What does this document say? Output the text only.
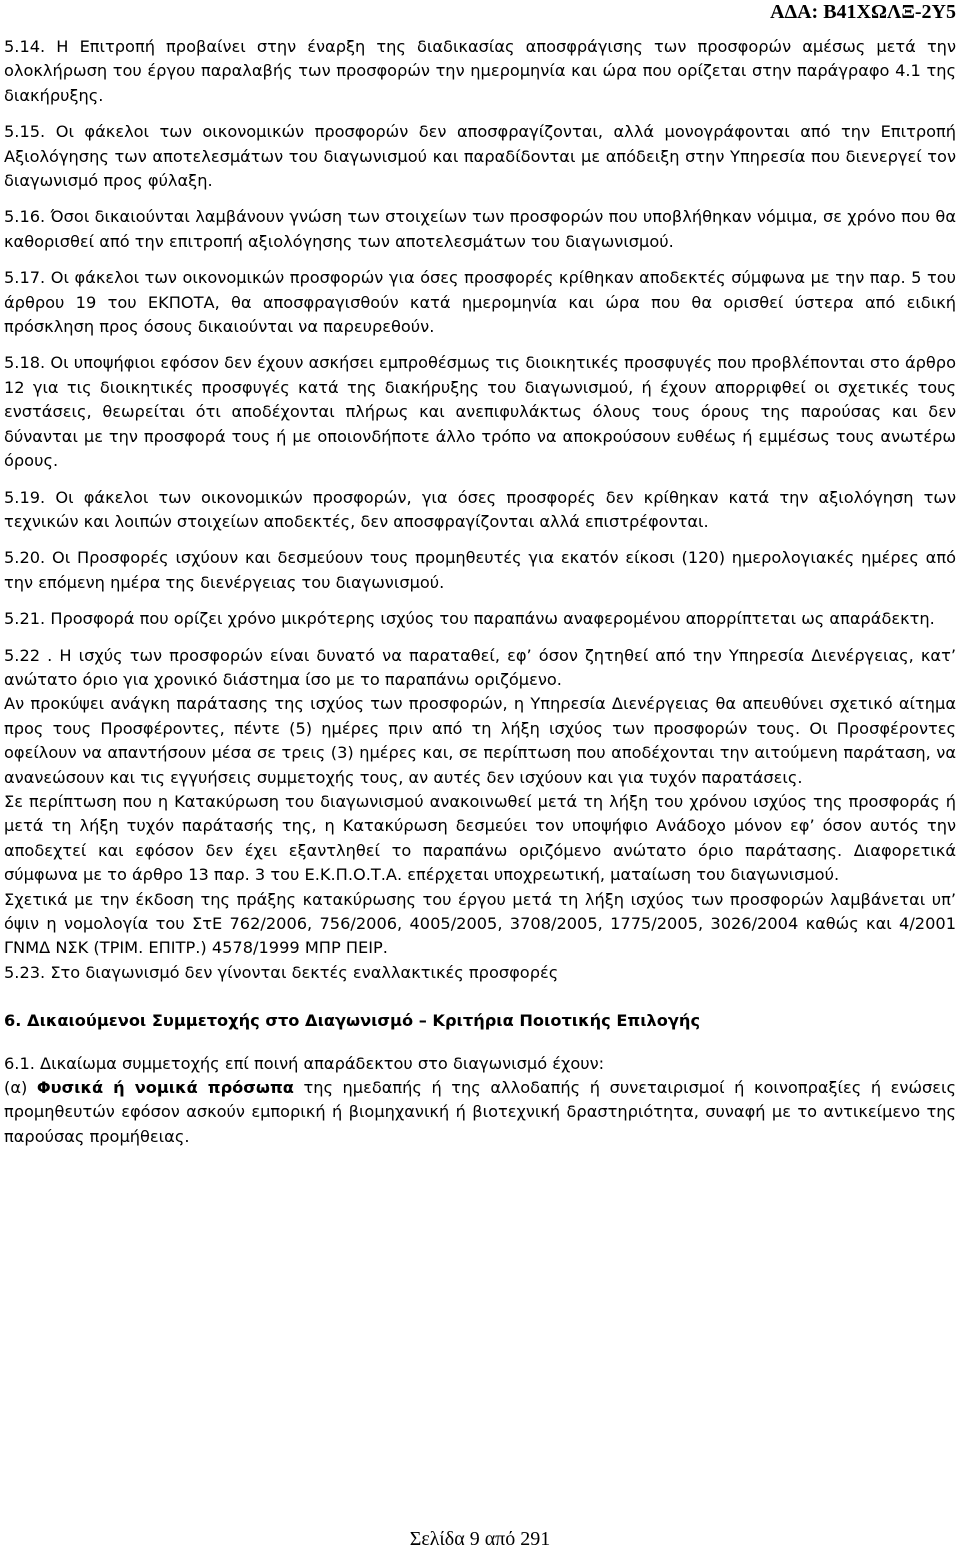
ΑΔΑ: Β41ΧΩΛΞ-2Υ5

5.14. Η Επιτροπή προβαίνει στην έναρξη της διαδικασίας αποσφράγισης των προσφορών αμέσως μετά την ολοκλήρωση του έργου παραλαβής των προσφορών την ημερομηνία και ώρα που ορίζεται στην παράγραφο 4.1 της διακήρυξης.

5.15. Οι φάκελοι των οικονομικών προσφορών δεν αποσφραγίζονται, αλλά μονογράφονται από την Επιτροπή Αξιολόγησης των αποτελεσμάτων του διαγωνισμού και παραδίδονται με απόδειξη στην Υπηρεσία που διενεργεί τον διαγωνισμό προς φύλαξη.

5.16. Όσοι δικαιούνται λαμβάνουν γνώση των στοιχείων των προσφορών που υποβλήθηκαν νόμιμα, σε χρόνο που θα καθορισθεί από την επιτροπή αξιολόγησης των αποτελεσμάτων του διαγωνισμού.

5.17. Οι φάκελοι των οικονομικών προσφορών για όσες προσφορές κρίθηκαν αποδεκτές σύμφωνα με την παρ. 5 του άρθρου 19 του ΕΚΠΟΤΑ, θα αποσφραγισθούν κατά ημερομηνία και ώρα που θα ορισθεί ύστερα από ειδική πρόσκληση προς όσους δικαιούνται να παρευρεθούν.

5.18. Οι υποψήφιοι εφόσον δεν έχουν ασκήσει εμπροθέσμως τις διοικητικές προσφυγές που προβλέπονται στο άρθρο 12 για τις διοικητικές προσφυγές κατά της διακήρυξης του διαγωνισμού, ή έχουν απορριφθεί οι σχετικές τους ενστάσεις, θεωρείται ότι αποδέχονται πλήρως και ανεπιφυλάκτως όλους τους όρους της παρούσας και δεν δύνανται με την προσφορά τους ή με οποιονδήποτε άλλο τρόπο να αποκρούσουν ευθέως ή εμμέσως τους ανωτέρω όρους.

5.19. Οι φάκελοι των οικονομικών προσφορών, για όσες προσφορές δεν κρίθηκαν κατά την αξιολόγηση των τεχνικών και λοιπών στοιχείων αποδεκτές, δεν αποσφραγίζονται αλλά επιστρέφονται.

5.20. Οι Προσφορές ισχύουν και δεσμεύουν τους προμηθευτές για εκατόν είκοσι (120) ημερολογιακές ημέρες από την επόμενη ημέρα της διενέργειας του διαγωνισμού.

5.21. Προσφορά που ορίζει χρόνο μικρότερης ισχύος του παραπάνω αναφερομένου απορρίπτεται ως απαράδεκτη.

5.22 . Η ισχύς των προσφορών είναι δυνατό να παραταθεί, εφ’ όσον ζητηθεί από την Υπηρεσία Διενέργειας, κατ’ ανώτατο όριο για χρονικό διάστημα ίσο με το παραπάνω οριζόμενο.

Αν προκύψει ανάγκη παράτασης της ισχύος των προσφορών, η Υπηρεσία Διενέργειας θα απευθύνει σχετικό αίτημα προς τους Προσφέροντες, πέντε (5) ημέρες πριν από τη λήξη ισχύος των προσφορών τους. Οι Προσφέροντες οφείλουν να απαντήσουν μέσα σε τρεις (3) ημέρες και, σε περίπτωση που αποδέχονται την αιτούμενη παράταση, να ανανεώσουν και τις εγγυήσεις συμμετοχής τους, αν αυτές δεν ισχύουν και για τυχόν παρατάσεις.

Σε περίπτωση που η Κατακύρωση του διαγωνισμού ανακοινωθεί μετά τη λήξη του χρόνου ισχύος της προσφοράς ή μετά τη λήξη τυχόν παράτασής της, η Κατακύρωση δεσμεύει τον υποψήφιο Ανάδοχο μόνον εφ’ όσον αυτός την αποδεχτεί και εφόσον δεν έχει εξαντληθεί το παραπάνω οριζόμενο ανώτατο όριο παράτασης. Διαφορετικά σύμφωνα με το άρθρο 13 παρ. 3 του Ε.Κ.Π.Ο.Τ.Α. επέρχεται υποχρεωτική, ματαίωση του διαγωνισμού.

Σχετικά με την έκδοση της πράξης κατακύρωσης του έργου μετά τη λήξη ισχύος των προσφορών λαμβάνεται υπ’ όψιν η νομολογία του ΣτΕ 762/2006, 756/2006, 4005/2005, 3708/2005, 1775/2005, 3026/2004 καθώς και 4/2001 ΓΝΜΔ ΝΣΚ (ΤΡΙΜ. ΕΠΙΤΡ.) 4578/1999 ΜΠΡ ΠΕΙΡ.

5.23. Στο διαγωνισμό δεν γίνονται δεκτές εναλλακτικές προσφορές

6. Δικαιούμενοι Συμμετοχής στο Διαγωνισμό – Κριτήρια Ποιοτικής Επιλογής

6.1. Δικαίωμα συμμετοχής επί ποινή απαράδεκτου στο διαγωνισμό έχουν:

(α) Φυσικά ή νομικά πρόσωπα της ημεδαπής ή της αλλοδαπής ή συνεταιρισμοί ή κοινοπραξίες ή ενώσεις προμηθευτών εφόσον ασκούν εμπορική ή βιομηχανική ή βιοτεχνική δραστηριότητα, συναφή με το αντικείμενο της παρούσας προμήθειας.

Σελίδα 9 από 291
